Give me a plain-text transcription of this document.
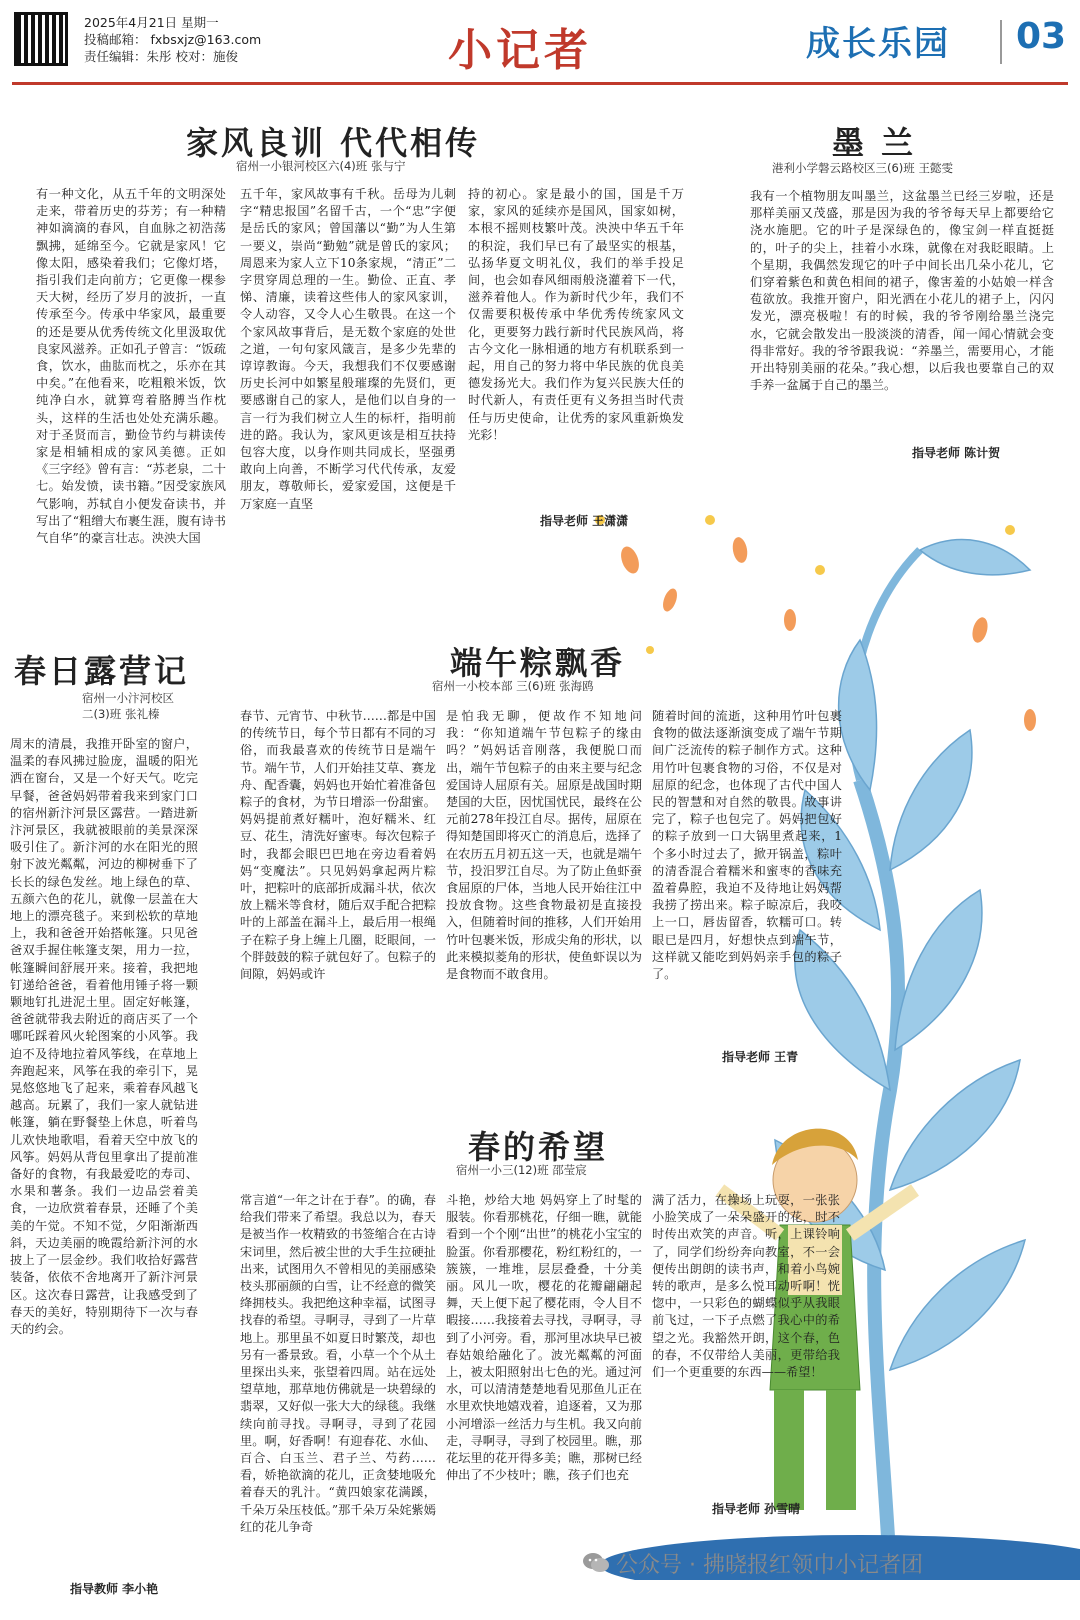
2025年4月21日 星期一
投稿邮箱： fxbsxjz@163.com
责任编辑：朱彤 校对：施俊	小记者	成长乐园 03
家风良训 代代相传
宿州一小银河校区六(4)班 张与宁
有一种文化，从五千年的文明深处走来，带着历史的芬芳；有一种精神如滴滴的春风，自血脉之初浩荡飘拂，延绵至今。它就是家风！它像太阳，感染着我们；它像灯塔，指引我们走向前方；它更像一棵参天大树，经历了岁月的波折，一直传承至今。传承中华家风，最重要的还是要从优秀传统文化里汲取优良家风滋养。正如孔子曾言：“饭疏食，饮水，曲肱而枕之，乐亦在其中矣。”在他看来，吃粗粮米饭，饮纯净白水，就算弯着胳膊当作枕头，这样的生活也处处充满乐趣。对于圣贤而言，勤俭节约与耕读传家是相辅相成的家风美德。正如《三字经》曾有言：“苏老泉，二十七。始发愤，读书籍。”因受家族风气影响，苏轼自小便发奋读书，并写出了“粗缯大布裹生涯，腹有诗书气自华”的豪言壮志。泱泱大国
五千年，家风故事有千秋。岳母为儿刺字“精忠报国”名留千古，一个“忠”字便是岳氏的家风；曾国藩以“勤”为人生第一要义，崇尚“勤勉”就是曾氏的家风；周恩来为家人立下10条家规，“清正”二字贯穿周总理的一生。勤俭、正直、孝悌、清廉，读着这些伟人的家风家训，令人动容，又令人心生敬畏。在这一个个家风故事背后，是无数个家庭的处世之道，一句句家风箴言，是多少先辈的谆谆教诲。今天，我想我们不仅要感谢历史长河中如繁星般璀璨的先贤们，更要感谢自己的家人，是他们以自身的一言一行为我们树立人生的标杆，指明前进的路。我认为，家风更该是相互扶持包容大度，以身作则共同成长，坚强勇敢向上向善，不断学习代代传承，友爱朋友，尊敬师长，爱家爱国，这便是千万家庭一直坚
持的初心。家是最小的国，国是千万家，家风的延续亦是国风，国家如树，本根不摇则枝繁叶茂。泱泱中华五千年的积淀，我们早已有了最坚实的根基，弘扬华夏文明礼仪，我们的举手投足间，也会如春风细雨般浇灌着下一代，滋养着他人。作为新时代少年，我们不仅需要积极传承中华优秀传统家风文化，更要努力践行新时代民族风尚，将古今文化一脉相通的地方有机联系到一起，用自己的努力将中华民族的优良美德发扬光大。我们作为复兴民族大任的时代新人，有责任更有义务担当时代责任与历史使命，让优秀的家风重新焕发光彩！
指导老师 王潇潇
墨 兰
港利小学磐云路校区三(6)班 王懿雯
我有一个植物朋友叫墨兰，这盆墨兰已经三岁啦，还是那样美丽又茂盛，那是因为我的爷爷每天早上都要给它浇水施肥。它的叶子是深绿色的，像宝剑一样直挺挺的，叶子的尖上，挂着小水珠，就像在对我眨眼睛。上个星期，我偶然发现它的叶子中间长出几朵小花儿，它们穿着紫色和黄色相间的裙子，像害羞的小姑娘一样含苞欲放。我推开窗户，阳光洒在小花儿的裙子上，闪闪发光，漂亮极啦！有的时候，我的爷爷刚给墨兰浇完水，它就会散发出一股淡淡的清香，闻一闻心情就会变得非常好。我的爷爷跟我说：“养墨兰，需要用心，才能开出特别美丽的花朵。”我心想，以后我也要靠自己的双手养一盆属于自己的墨兰。
指导老师 陈计贺
春日露营记
宿州一小汴河校区
二(3)班 张礼榛
周末的清晨，我推开卧室的窗户，温柔的春风拂过脸庞，温暖的阳光洒在窗台，又是一个好天气。吃完早餐，爸爸妈妈带着我来到家门口的宿州新汴河景区露营。一踏进新汴河景区，我就被眼前的美景深深吸引住了。新汴河的水在阳光的照射下波光粼粼，河边的柳树垂下了长长的绿色发丝。地上绿色的草、五颜六色的花儿，就像一层盖在大地上的漂亮毯子。来到松软的草地上，我和爸爸开始搭帐篷。只见爸爸双手握住帐篷支架，用力一拉，帐篷瞬间舒展开来。接着，我把地钉递给爸爸，看着他用锤子将一颗颗地钉扎进泥土里。固定好帐篷，爸爸就带我去附近的商店买了一个哪吒踩着风火轮图案的小风筝。我迫不及待地拉着风筝线，在草地上奔跑起来，风筝在我的牵引下，晃晃悠悠地飞了起来，乘着春风越飞越高。玩累了，我们一家人就钻进帐篷，躺在野餐垫上休息，听着鸟儿欢快地歌唱，看着天空中放飞的风筝。妈妈从背包里拿出了提前准备好的食物，有我最爱吃的寿司、水果和薯条。我们一边品尝着美食，一边欣赏着春景，还睡了个美美的午觉。不知不觉，夕阳渐渐西斜，天边美丽的晚霞给新汴河的水披上了一层金纱。我们收拾好露营装备，依依不舍地离开了新汴河景区。这次春日露营，让我感受到了春天的美好，特别期待下一次与春天的约会。
指导教师 李小艳
端午粽飘香
宿州一小校本部 三(6)班 张海鸥
春节、元宵节、中秋节……都是中国的传统节日，每个节日都有不同的习俗，而我最喜欢的传统节日是端午节。端午节，人们开始挂艾草、赛龙舟、配香囊，妈妈也开始忙着准备包粽子的食材，为节日增添一份甜蜜。妈妈提前煮好糯叶，泡好糯米、红豆、花生，清洗好蜜枣。每次包粽子时，我都会眼巴巴地在旁边看着妈妈“变魔法”。只见妈妈拿起两片粽叶，把粽叶的底部折成漏斗状，依次放上糯米等食材，随后双手配合把粽叶的上部盖在漏斗上，最后用一根绳子在粽子身上缠上几圈，眨眼间，一个胖鼓鼓的粽子就包好了。包粽子的间隙，妈妈或许
是怕我无聊，便故作不知地问我：“你知道端午节包粽子的缘由吗？”妈妈话音刚落，我便脱口而出，端午节包粽子的由来主要与纪念爱国诗人屈原有关。屈原是战国时期楚国的大臣，因忧国忧民，最终在公元前278年投江自尽。据传，屈原在得知楚国即将灭亡的消息后，选择了在农历五月初五这一天，也就是端午节，投汨罗江自尽。为了防止鱼虾蚕食屈原的尸体，当地人民开始往江中投放食物。这些食物最初是直接投入，但随着时间的推移，人们开始用竹叶包裹米饭，形成尖角的形状，以此来模拟菱角的形状，使鱼虾误以为是食物而不敢食用。
随着时间的流逝，这种用竹叶包裹食物的做法逐渐演变成了端午节期间广泛流传的粽子制作方式。这种用竹叶包裹食物的习俗，不仅是对屈原的纪念，也体现了古代中国人民的智慧和对自然的敬畏。故事讲完了，粽子也包完了。妈妈把包好的粽子放到一口大锅里煮起来，1个多小时过去了，掀开锅盖，粽叶的清香混合着糯米和蜜枣的香味充盈着鼻腔，我迫不及待地让妈妈帮我捞了捞出来。粽子晾凉后，我咬上一口，唇齿留香，软糯可口。转眼已是四月，好想快点到端午节，这样就又能吃到妈妈亲手包的粽子了。
指导老师 王青
春的希望
宿州一小三(12)班 邵莹宸
常言道“一年之计在于春”。的确，春给我们带来了希望。我总以为，春天是被当作一枚精致的书签缩合在古诗宋词里，然后被尘世的大手生拉硬扯出来，试图用久不曾相见的美丽感染枝头那丽颜的白雪，让不经意的微笑绛拥枝头。我把绝这种幸福，试图寻找春的希望。寻啊寻，寻到了一片草地上。那里虽不如夏日时繁茂，却也另有一番景致。看，小草一个个从土里探出头来，张望着四周。站在远处望草地，那草地仿佛就是一块碧绿的翡翠，又好似一张大大的绿毯。我继续向前寻找。寻啊寻，寻到了花园里。啊，好香啊！有迎春花、水仙、百合、白玉兰、君子兰、芍药……看，娇艳欲滴的花儿，正贪婪地吸允着春天的乳汁。“黄四娘家花满蹊，千朵万朵压枝低。”那千朵万朵姹紫嫣红的花儿争奇
斗艳，炒给大地 妈妈穿上了时髦的服装。你看那桃花，仔细一瞧，就能看到一个个刚“出世”的桃花小宝宝的脸蛋。你看那樱花，粉红粉红的，一簇簇，一堆堆，层层叠叠，十分美丽。风儿一吹，樱花的花瓣翩翩起舞，天上便下起了樱花雨，令人目不暇接……我接着去寻找，寻啊寻，寻到了小河旁。看，那河里冰块早已被春姑娘给融化了。波光粼粼的河面上，被太阳照射出七色的光。通过河水，可以清清楚楚地看见那鱼儿正在水里欢快地嬉戏着，追逐着，又为那小河增添一丝活力与生机。我又向前走，寻啊寻，寻到了校园里。瞧，那花坛里的花开得多美；瞧，那树已经伸出了不少枝叶；瞧，孩子们也充
满了活力，在操场上玩耍，一张张小脸笑成了一朵朵盛开的花，时不时传出欢笑的声音。听，上课铃响了，同学们纷纷奔向教室，不一会便传出朗朗的读书声，和着小鸟婉转的歌声，是多么悦耳动听啊！恍惚中，一只彩色的蝴蝶似乎从我眼前飞过，一下子点燃了我心中的希望之光。我豁然开朗，这个春，色的春，不仅带给人美丽，更带给我们一个更重要的东西——希望！
指导老师 孙雪晴
公众号 · 拂晓报红领巾小记者团
